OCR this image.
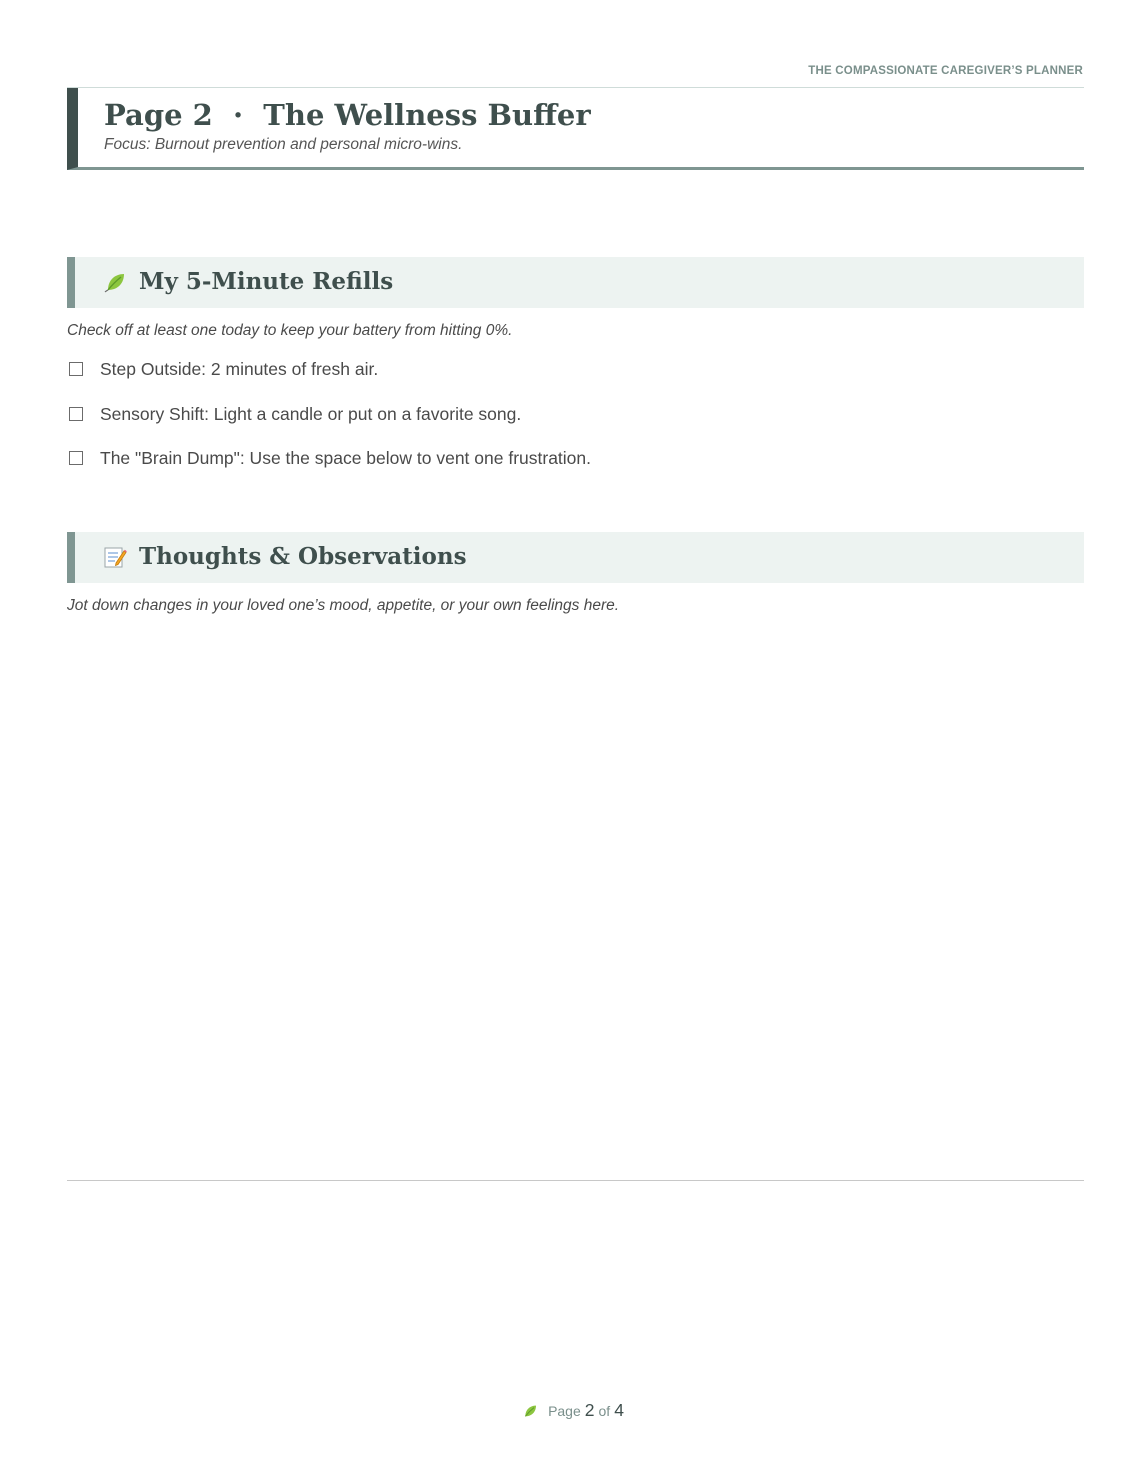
THE COMPASSIONATE CAREGIVER’S PLANNER
Page 2  ·  The Wellness Buffer
Focus: Burnout prevention and personal micro-wins.
My 5-Minute Refills
Check off at least one today to keep your battery from hitting 0%.
Step Outside: 2 minutes of fresh air.
Sensory Shift: Light a candle or put on a favorite song.
The "Brain Dump": Use the space below to vent one frustration.
Thoughts & Observations
Jot down changes in your loved one’s mood, appetite, or your own feelings here.
Page 2 of 4
